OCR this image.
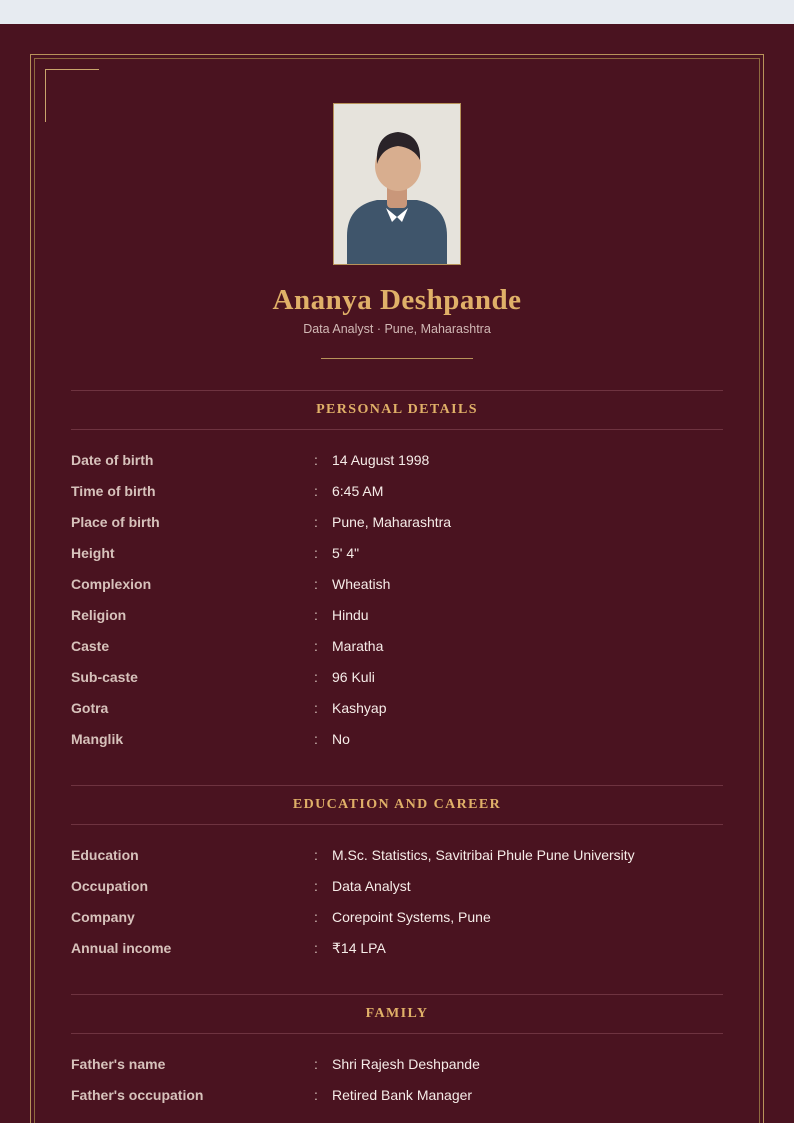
Ananya Deshpande
Data Analyst · Pune, Maharashtra
PERSONAL DETAILS
Date of birth	: 14 August 1998
Time of birth	: 6:45 AM
Place of birth	: Pune, Maharashtra
Height	: 5' 4"
Complexion	: Wheatish
Religion	: Hindu
Caste	: Maratha
Sub-caste	: 96 Kuli
Gotra	: Kashyap
Manglik	: No
EDUCATION AND CAREER
Education	: M.Sc. Statistics, Savitribai Phule Pune University
Occupation	: Data Analyst
Company	: Corepoint Systems, Pune
Annual income	: ₹14 LPA
FAMILY
Father's name	: Shri Rajesh Deshpande
Father's occupation	: Retired Bank Manager
